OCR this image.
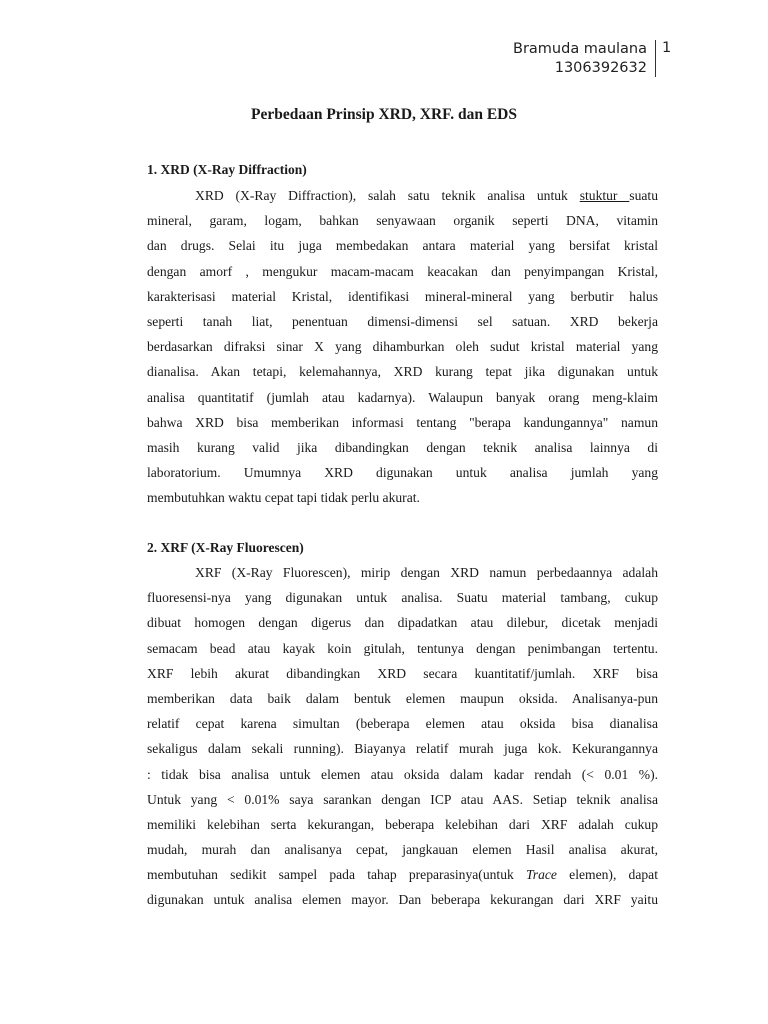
Bramuda maulana
1306392632
1
Perbedaan Prinsip XRD, XRF. dan EDS
1. XRD (X-Ray Diffraction)
XRD (X-Ray Diffraction), salah satu teknik analisa untuk stuktur suatu
mineral, garam, logam, bahkan senyawaan organik seperti DNA, vitamin
dan drugs. Selai itu juga membedakan antara material yang bersifat kristal
dengan amorf , mengukur macam-macam keacakan dan penyimpangan Kristal,
karakterisasi material Kristal, identifikasi mineral-mineral yang berbutir halus
seperti tanah liat, penentuan dimensi-dimensi sel satuan. XRD bekerja
berdasarkan difraksi sinar X yang dihamburkan oleh sudut kristal material yang
dianalisa. Akan tetapi, kelemahannya, XRD kurang tepat jika digunakan untuk
analisa quantitatif (jumlah atau kadarnya). Walaupun banyak orang meng-klaim
bahwa XRD bisa memberikan informasi tentang "berapa kandungannya" namun
masih kurang valid jika dibandingkan dengan teknik analisa lainnya di
laboratorium. Umumnya XRD digunakan untuk analisa jumlah yang
membutuhkan waktu cepat tapi tidak perlu akurat.
2. XRF (X-Ray Fluorescen)
XRF (X-Ray Fluorescen), mirip dengan XRD namun perbedaannya adalah
fluoresensi-nya yang digunakan untuk analisa. Suatu material tambang, cukup
dibuat homogen dengan digerus dan dipadatkan atau dilebur, dicetak menjadi
semacam bead atau kayak koin gitulah, tentunya dengan penimbangan tertentu.
XRF lebih akurat dibandingkan XRD secara kuantitatif/jumlah. XRF bisa
memberikan data baik dalam bentuk elemen maupun oksida. Analisanya-pun
relatif cepat karena simultan (beberapa elemen atau oksida bisa dianalisa
sekaligus dalam sekali running). Biayanya relatif murah juga kok. Kekurangannya
: tidak bisa analisa untuk elemen atau oksida dalam kadar rendah (< 0.01 %).
Untuk yang < 0.01% saya sarankan dengan ICP atau AAS. Setiap teknik analisa
memiliki kelebihan serta kekurangan, beberapa kelebihan dari XRF adalah cukup
mudah, murah dan analisanya cepat, jangkauan elemen Hasil analisa akurat,
membutuhan sedikit sampel pada tahap preparasinya(untuk Trace elemen), dapat
digunakan untuk analisa elemen mayor. Dan beberapa kekurangan dari XRF yaitu
